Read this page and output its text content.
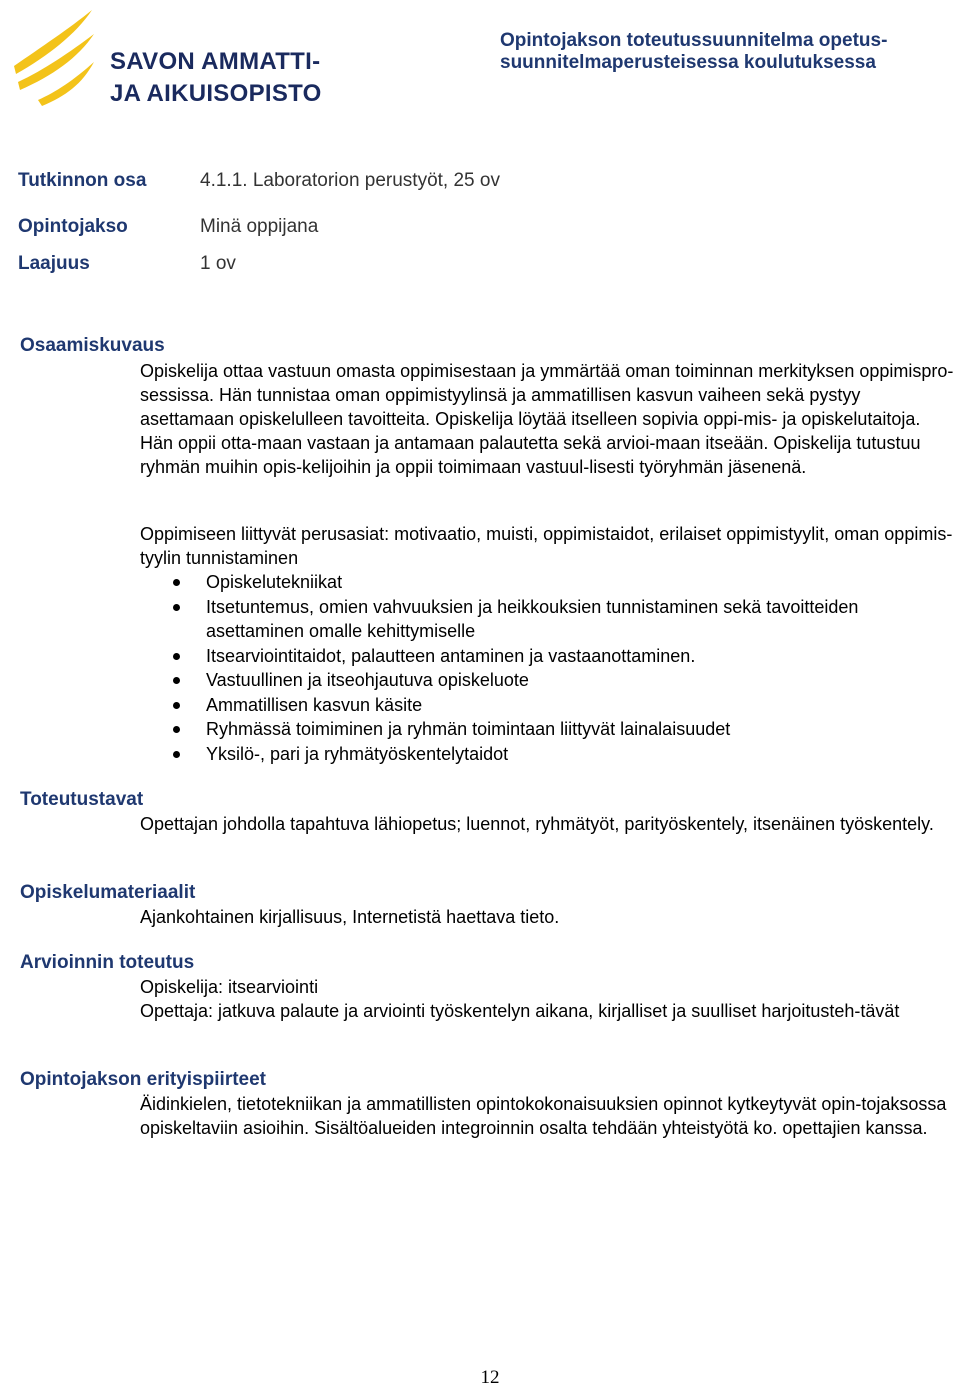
SAVON AMMATTI-
JA AIKUISOPISTO
Opintojakson toteutussuunnitelma opetus-
suunnitelmaperusteisessa koulutuksessa
Tutkinnon osa	4.1.1. Laboratorion perustyöt, 25 ov
Opintojakso	Minä oppijana
Laajuus	1 ov
Osaamiskuvaus

Opiskelija ottaa vastuun omasta oppimisestaan ja ymmärtää oman toiminnan merkityksen oppimispro-sessissa. Hän tunnistaa oman oppimistyylinsä ja ammatillisen kasvun vaiheen sekä pystyy asettamaan opiskelulleen tavoitteita. Opiskelija löytää itselleen sopivia oppi-mis- ja opiskelutaitoja. Hän oppii otta-maan vastaan ja antamaan palautetta sekä arvioi-maan itseään. Opiskelija tutustuu ryhmän muihin opis-kelijoihin ja oppii toimimaan vastuul-lisesti työryhmän jäsenenä.

Oppimiseen liittyvät perusasiat: motivaatio, muisti, oppimistaidot, erilaiset oppimistyylit, oman oppimis-tyylin tunnistaminen

Opiskelutekniikat
Itsetuntemus, omien vahvuuksien ja heikkouksien tunnistaminen sekä tavoitteiden asettaminen omalle kehittymiselle
Itsearviointitaidot, palautteen antaminen ja vastaanottaminen.
Vastuullinen ja itseohjautuva opiskeluote
Ammatillisen kasvun käsite
Ryhmässä toimiminen ja ryhmän toimintaan liittyvät lainalaisuudet
Yksilö-, pari ja ryhmätyöskentelytaidot
Toteutustavat

Opettajan johdolla tapahtuva lähiopetus; luennot, ryhmätyöt, parityöskentely, itsenäinen työskentely.

Opiskelumateriaalit

Ajankohtainen kirjallisuus, Internetistä haettava tieto.

Arvioinnin toteutus

Opiskelija: itsearviointi

Opettaja: jatkuva palaute ja arviointi työskentelyn aikana, kirjalliset ja suulliset harjoitusteh-tävät

Opintojakson erityispiirteet

Äidinkielen, tietotekniikan ja ammatillisten opintokokonaisuuksien opinnot kytkeytyvät opin-tojaksossa opiskeltaviin asioihin. Sisältöalueiden integroinnin osalta tehdään yhteistyötä ko. opettajien kanssa.

12
